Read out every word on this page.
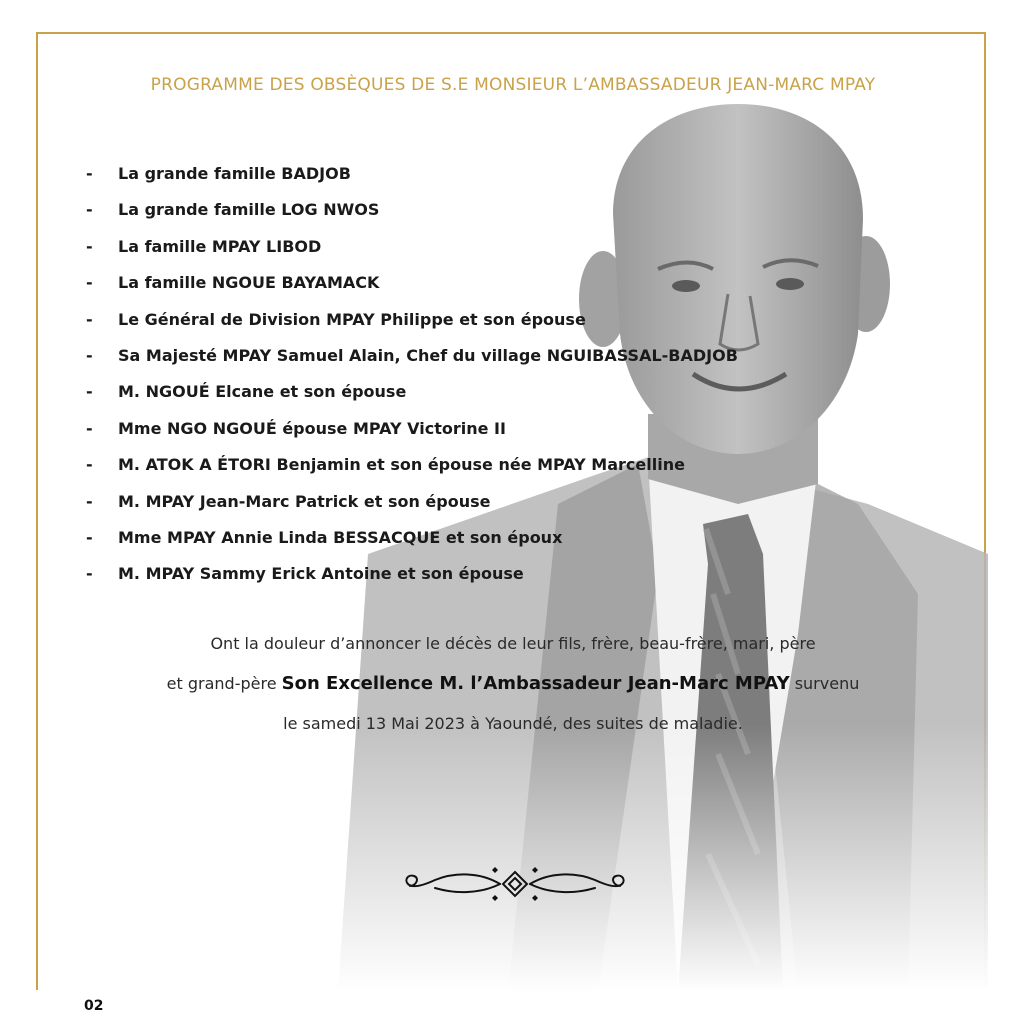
PROGRAMME DES OBSÈQUES DE S.E MONSIEUR L’AMBASSADEUR JEAN-MARC MPAY
- La grande famille BADJOB
- La grande famille LOG NWOS
- La famille MPAY LIBOD
- La famille NGOUE BAYAMACK
- Le Général de Division MPAY Philippe et son épouse
- Sa Majesté MPAY Samuel Alain, Chef du village NGUIBASSAL-BADJOB
- M. NGOUÉ Elcane et son épouse
- Mme NGO NGOUÉ épouse MPAY Victorine II
- M. ATOK A ÉTORI Benjamin et son épouse née MPAY Marcelline
- M. MPAY Jean-Marc Patrick et son épouse
- Mme MPAY Annie Linda BESSACQUE et son époux
- M. MPAY Sammy Erick Antoine et son épouse
Ont la douleur d’annoncer le décès de leur fils, frère, beau-frère, mari, père
et grand-père Son Excellence M. l’Ambassadeur Jean-Marc MPAY survenu
le samedi 13 Mai 2023 à Yaoundé, des suites de maladie.
02
